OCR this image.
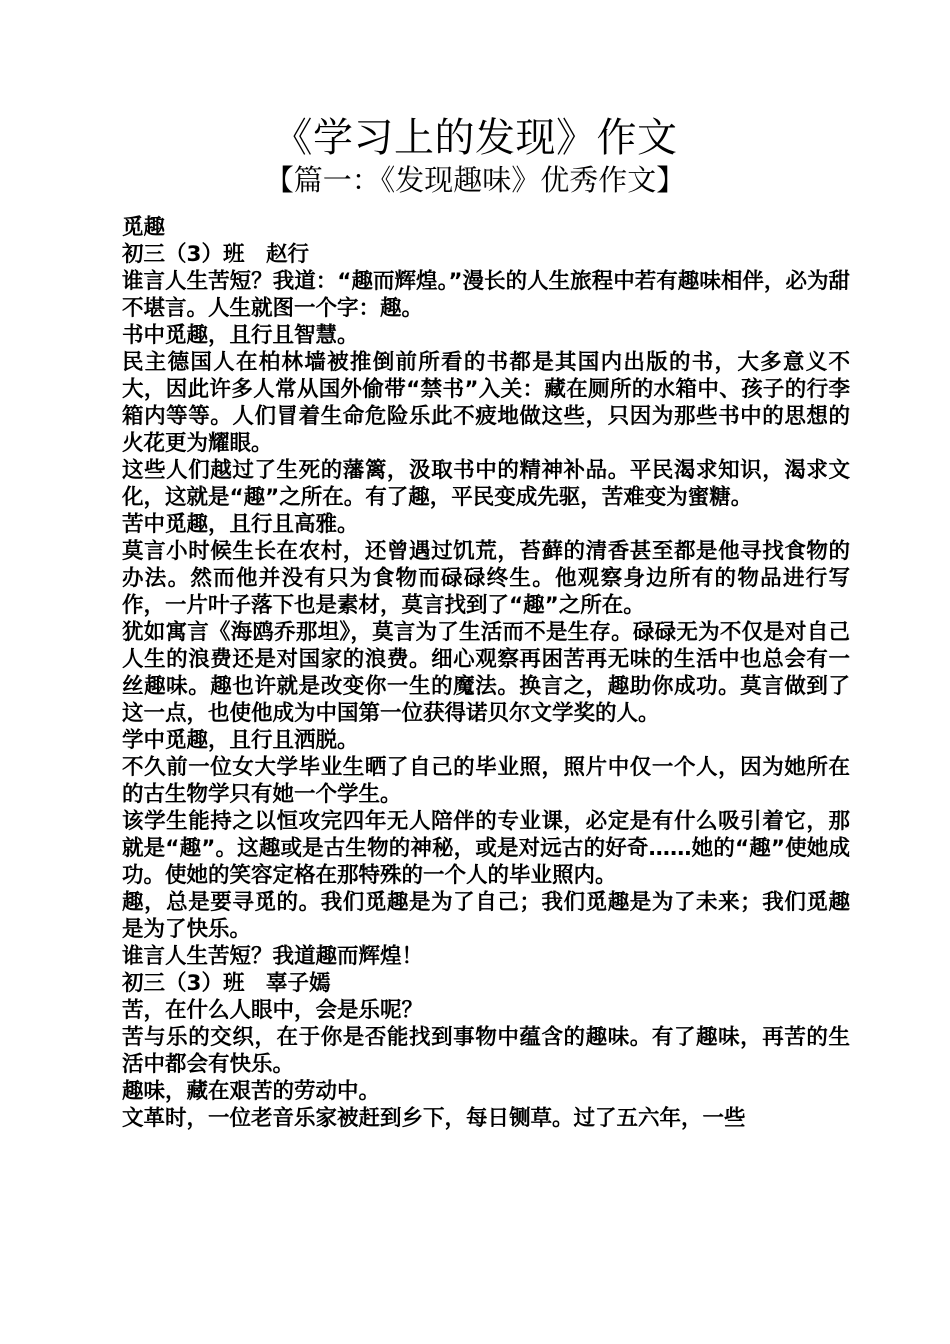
《学习上的发现》作文
【篇一：《发现趣味》优秀作文】

觅趣

初三（3）班　赵行

谁言人生苦短？我道：“趣而辉煌。”漫长的人生旅程中若有趣味相伴，必为甜不堪言。人生就图一个字：趣。

书中觅趣，且行且智慧。

民主德国人在柏林墙被推倒前所看的书都是其国内出版的书，大多意义不大，因此许多人常从国外偷带“禁书”入关：藏在厕所的水箱中、孩子的行李箱内等等。人们冒着生命危险乐此不疲地做这些，只因为那些书中的思想的火花更为耀眼。

这些人们越过了生死的藩篱，汲取书中的精神补品。平民渴求知识，渴求文化，这就是“趣”之所在。有了趣，平民变成先驱，苦难变为蜜糖。

苦中觅趣，且行且高雅。

莫言小时候生长在农村，还曾遇过饥荒，苔藓的清香甚至都是他寻找食物的办法。然而他并没有只为食物而碌碌终生。他观察身边所有的物品进行写作，一片叶子落下也是素材，莫言找到了“趣”之所在。

犹如寓言《海鸥乔那坦》，莫言为了生活而不是生存。碌碌无为不仅是对自己人生的浪费还是对国家的浪费。细心观察再困苦再无味的生活中也总会有一丝趣味。趣也许就是改变你一生的魔法。换言之，趣助你成功。莫言做到了这一点，也使他成为中国第一位获得诺贝尔文学奖的人。

学中觅趣，且行且洒脱。

不久前一位女大学毕业生晒了自己的毕业照，照片中仅一个人，因为她所在的古生物学只有她一个学生。

该学生能持之以恒攻完四年无人陪伴的专业课，必定是有什么吸引着它，那就是“趣”。这趣或是古生物的神秘，或是对远古的好奇……她的“趣”使她成功。使她的笑容定格在那特殊的一个人的毕业照内。

趣，总是要寻觅的。我们觅趣是为了自己；我们觅趣是为了未来；我们觅趣是为了快乐。

谁言人生苦短？我道趣而辉煌！

初三（3）班　辜子嫣

苦，在什么人眼中，会是乐呢？

苦与乐的交织，在于你是否能找到事物中蕴含的趣味。有了趣味，再苦的生活中都会有快乐。

趣味，藏在艰苦的劳动中。

文革时，一位老音乐家被赶到乡下，每日铡草。过了五六年，一些
